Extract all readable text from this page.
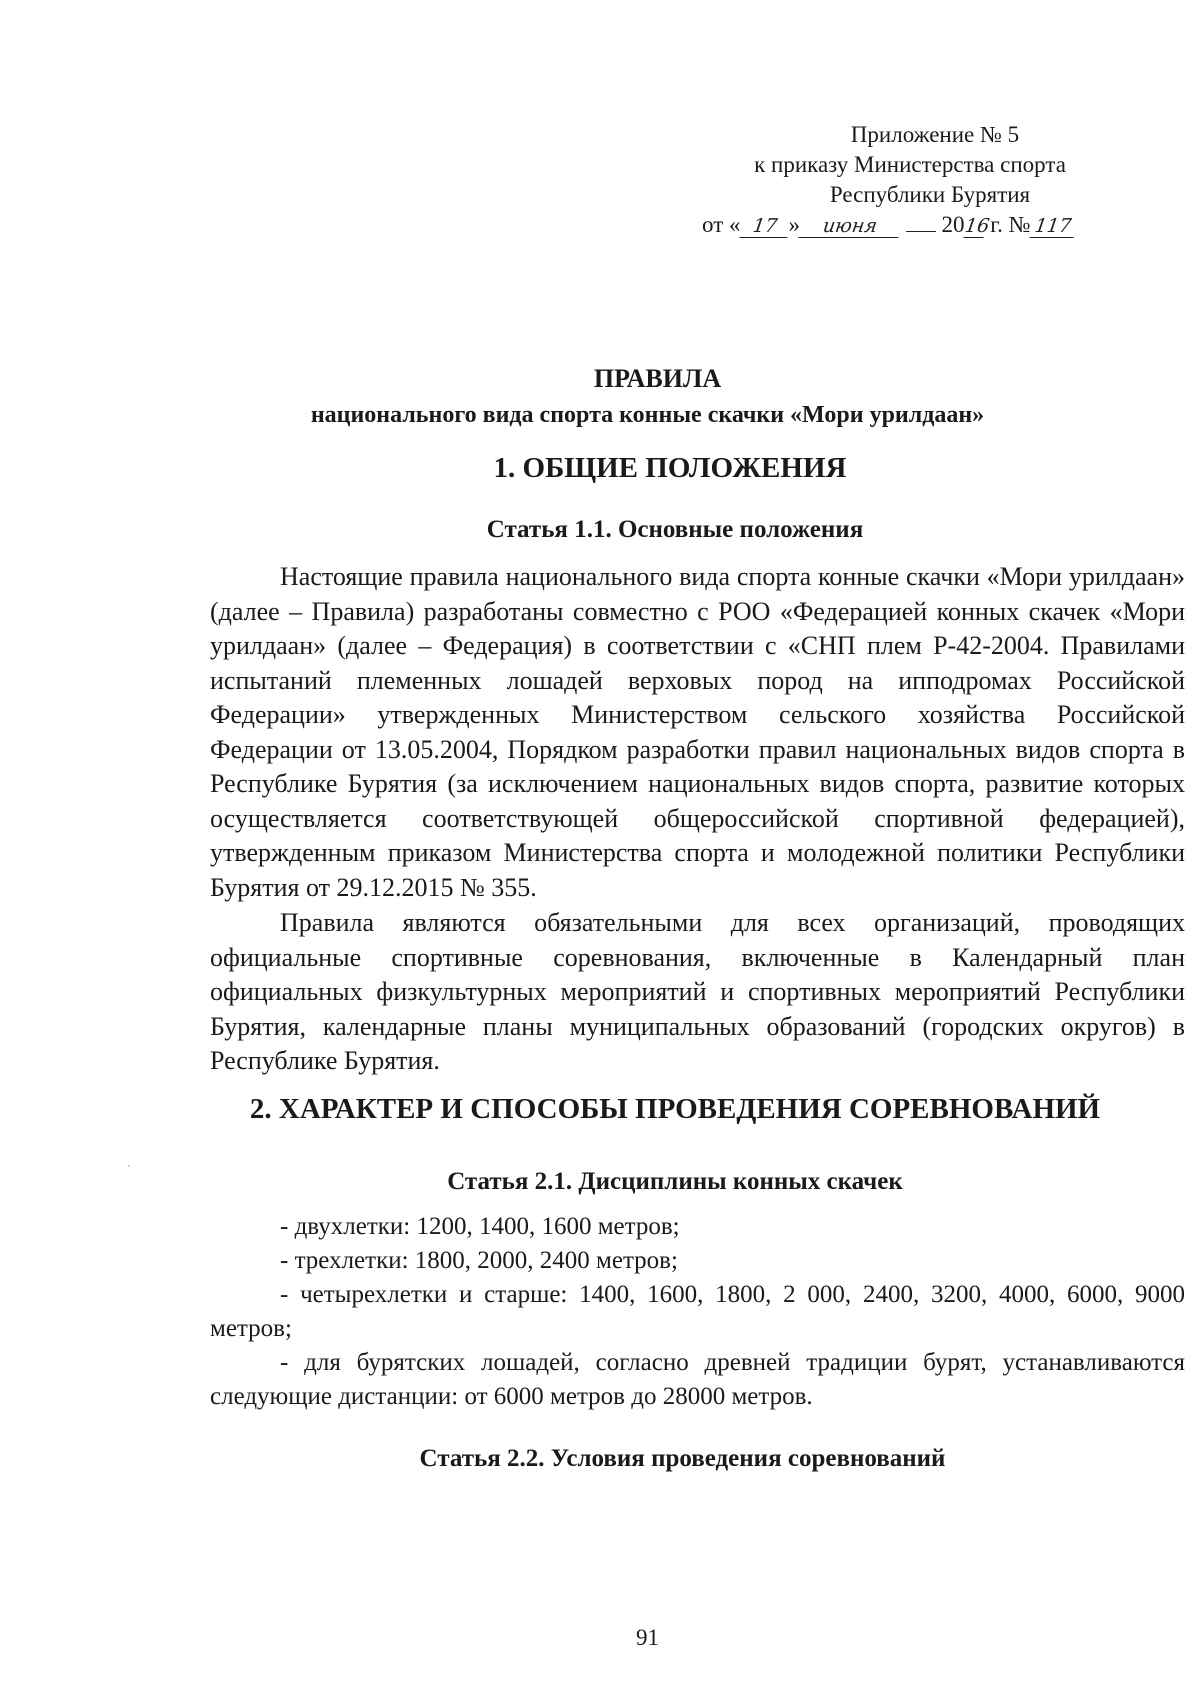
Приложение № 5
к приказу Министерства спорта
Республики Бурятия
от « 17 » июня	2016 г. № 117
ПРАВИЛА
национального вида спорта конные скачки «Мори урилдаан»
1. ОБЩИЕ ПОЛОЖЕНИЯ
Статья 1.1. Основные положения
Настоящие правила национального вида спорта конные скачки «Мори урилдаан» (далее – Правила) разработаны совместно с РОО «Федерацией конных скачек «Мори урилдаан» (далее – Федерация) в соответствии с «СНП плем Р-42-2004. Правилами испытаний племенных лошадей верховых пород на ипподромах Российской Федерации» утвержденных Министерством сельского хозяйства Российской Федерации от 13.05.2004, Порядком разработки правил национальных видов спорта в Республике Бурятия (за исключением национальных видов спорта, развитие которых осуществляется соответствующей общероссийской спортивной федерацией), утвержденным приказом Министерства спорта и молодежной политики Республики Бурятия от 29.12.2015 № 355.
Правила являются обязательными для всех организаций, проводящих официальные спортивные соревнования, включенные в Календарный план официальных физкультурных мероприятий и спортивных мероприятий Республики Бурятия, календарные планы муниципальных образований (городских округов) в Республике Бурятия.
2. ХАРАКТЕР И СПОСОБЫ ПРОВЕДЕНИЯ СОРЕВНОВАНИЙ
Статья 2.1. Дисциплины конных скачек
- двухлетки: 1200, 1400, 1600 метров;
- трехлетки: 1800, 2000, 2400 метров;
- четырехлетки и старше: 1400, 1600, 1800, 2 000, 2400, 3200, 4000, 6000, 9000 метров;
- для бурятских лошадей, согласно древней традиции бурят, устанавливаются следующие дистанции: от 6000 метров до 28000 метров.
Статья 2.2. Условия проведения соревнований
91
